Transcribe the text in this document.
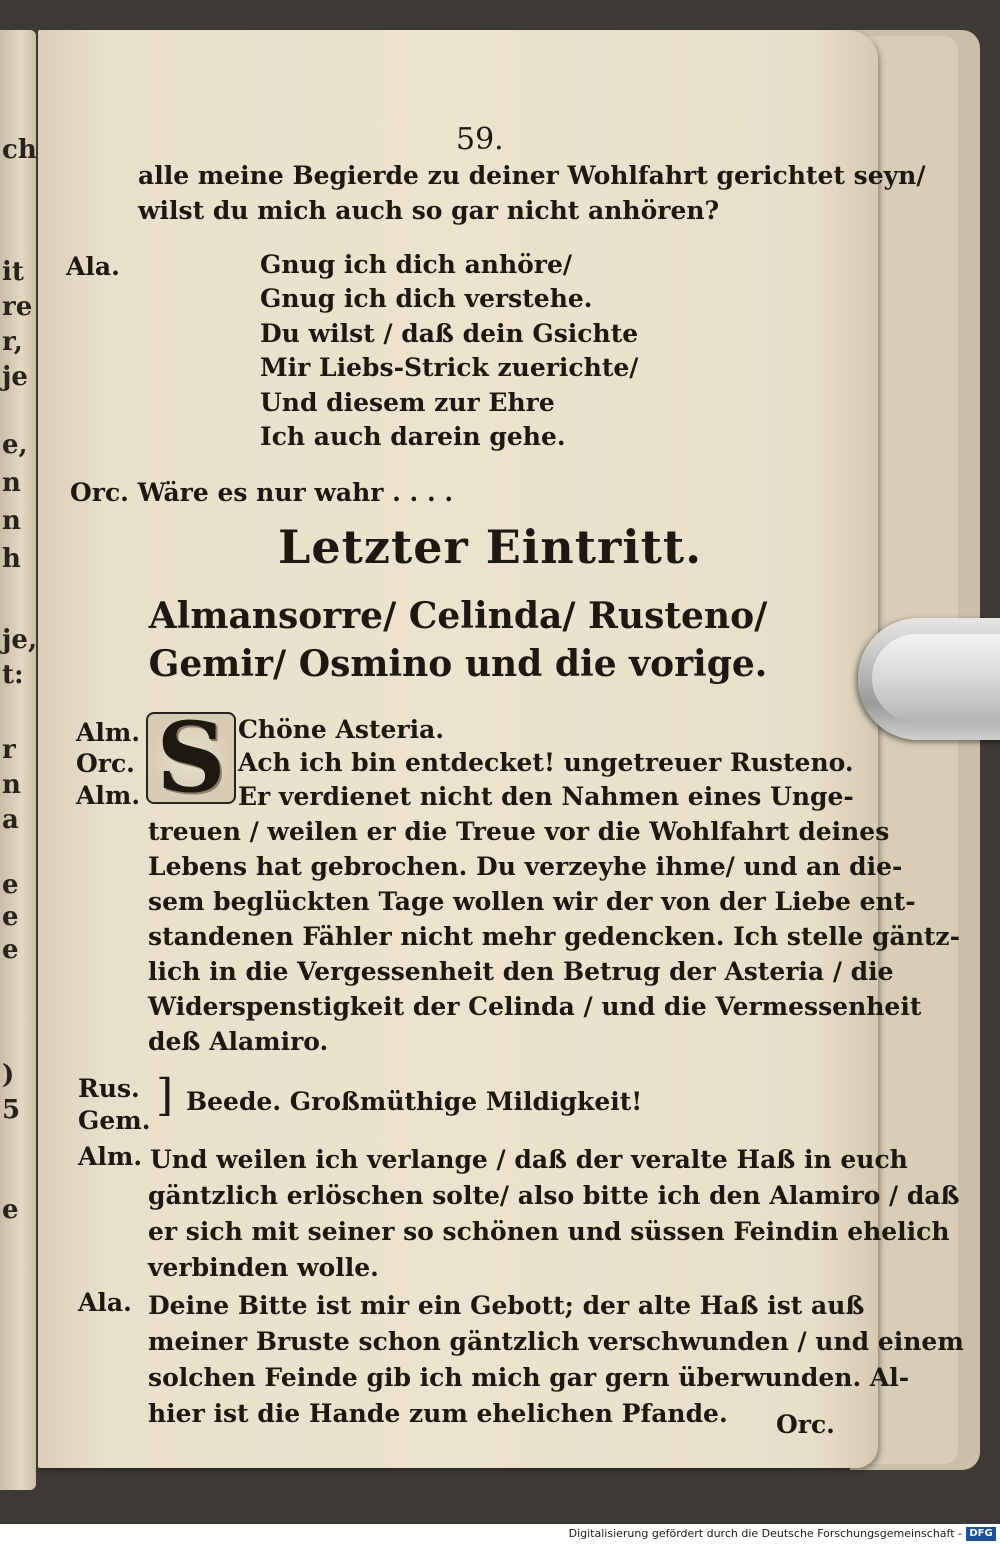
ch
it
re
r,
je
e,
n
n
h
je,
t:
r
n
a
e
e
e
)
5
e
59.
alle meine Begierde zu deiner Wohlfahrt gerichtet seyn/
wilst du mich auch so gar nicht anhören?
Ala.	Gnug ich dich anhöre/
Gnug ich dich verstehe.
Du wilst / daß dein Gsichte
Mir Liebs-Strick zuerichte/
Und diesem zur Ehre
Ich auch darein gehe.
Orc. Wäre es nur wahr . . . .
Letzter Eintritt.
Almansorre/ Celinda/ Rusteno/ Gemir/ Osmino und die vorige.
Alm.
Orc.
Alm. S Chöne Asteria.
Ach ich bin entdecket! ungetreuer Rusteno.
Er verdienet nicht den Nahmen eines Unge-
treuen / weilen er die Treue vor die Wohlfahrt deines
Lebens hat gebrochen. Du verzeyhe ihme/ und an die-
sem beglückten Tage wollen wir der von der Liebe ent-
standenen Fähler nicht mehr gedencken. Ich stelle gäntz-
lich in die Vergessenheit den Betrug der Asteria / die
Widerspenstigkeit der Celinda / und die Vermessenheit
deß Alamiro.
Rus.
Gem. ] Beede. Großmüthige Mildigkeit!
Alm. Und weilen ich verlange / daß der veralte Haß in euch
gäntzlich erlöschen solte/ also bitte ich den Alamiro / daß
er sich mit seiner so schönen und süssen Feindin ehelich
verbinden wolle.
Ala. Deine Bitte ist mir ein Gebott; der alte Haß ist auß
meiner Bruste schon gäntzlich verschwunden / und einem
solchen Feinde gib ich mich gar gern überwunden. Al-
hier ist die Hande zum ehelichen Pfande. Orc.
Digitalisierung gefördert durch die Deutsche Forschungsgemeinschaft - DFG
